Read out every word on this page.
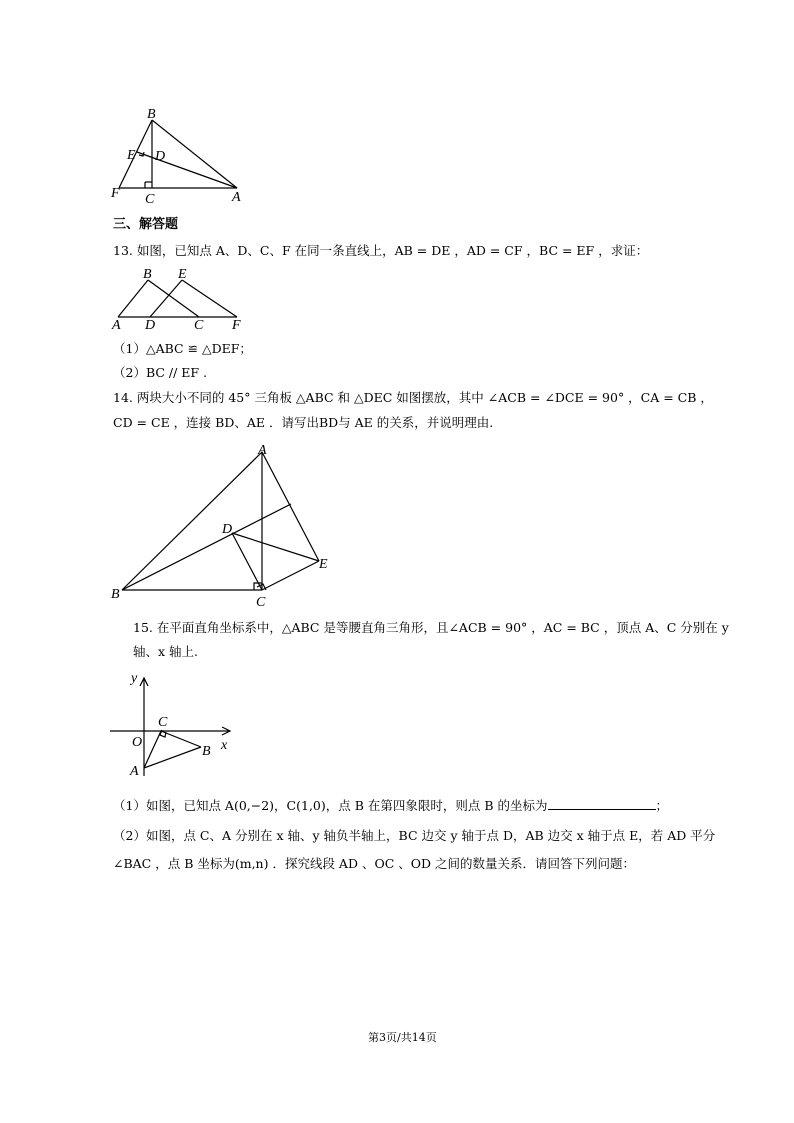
B
E D
F C	A
三、解答题
13. 如图，已知点 A、D、C、F 在同一条直线上，AB = DE ，AD = CF ，BC = EF ，求证：
B E
A D	C F
（1）△ABC ≌ △DEF；
（2）BC // EF .
14. 两块大小不同的 45° 三角板 △ABC 和 △DEC 如图摆放，其中 ∠ACB = ∠DCE = 90° ，CA = CB ，
CD = CE ，连接 BD、AE ．请写出BD与 AE 的关系，并说明理由.
A
D
E
B
C
15. 在平面直角坐标系中，△ABC 是等腰直角三角形，且∠ACB = 90° ，AC = BC ，顶点 A、C 分别在 y
轴、x 轴上.
y
x
C
O
A
B
（1）如图，已知点 A(0,−2)，C(1,0)，点 B 在第四象限时，则点 B 的坐标为	；
（2）如图，点 C、A 分别在 x 轴、y 轴负半轴上，BC 边交 y 轴于点 D，AB 边交 x 轴于点 E，若 AD 平分
∠BAC ，点 B 坐标为(m,n) ．探究线段 AD 、OC 、OD 之间的数量关系．请回答下列问题：
第3页/共14页
